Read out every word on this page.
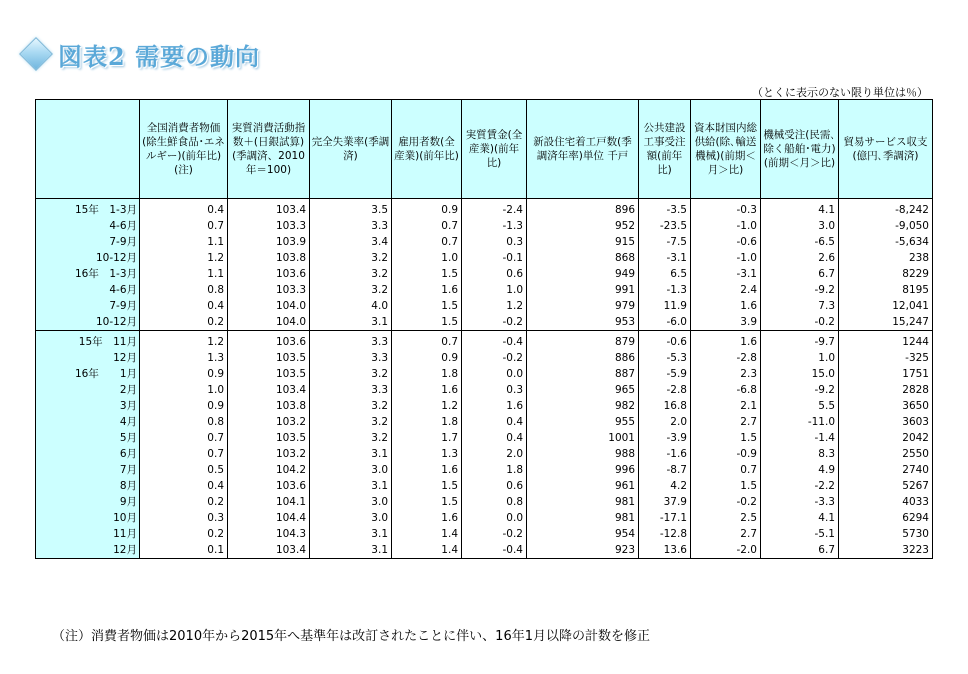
図表2 需要の動向
（とくに表示のない限り単位は％）
	全国消費者物価(除生鮮食品･エネルギー)(前年比)(注)	実質消費活動指数＋(日銀試算)(季調済、2010年＝100)	完全失業率(季調済)	雇用者数(全産業)(前年比)	実質賃金(全産業)(前年比)	新設住宅着工戸数(季調済年率)単位 千戸	公共建設工事受注額(前年比)	資本財国内総供給(除､輸送機械)(前期＜月＞比)	機械受注(民需､除く船舶･電力)(前期＜月＞比)	貿易サービス収支(億円､季調済)
15年　1-3月	0.4	103.4	3.5	0.9	-2.4	896	-3.5	-0.3	4.1	-8,242
4-6月	0.7	103.3	3.3	0.7	-1.3	952	-23.5	-1.0	3.0	-9,050
7-9月	1.1	103.9	3.4	0.7	0.3	915	-7.5	-0.6	-6.5	-5,634
10-12月	1.2	103.8	3.2	1.0	-0.1	868	-3.1	-1.0	2.6	238
16年　1-3月	1.1	103.6	3.2	1.5	0.6	949	6.5	-3.1	6.7	8229
4-6月	0.8	103.3	3.2	1.6	1.0	991	-1.3	2.4	-9.2	8195
7-9月	0.4	104.0	4.0	1.5	1.2	979	11.9	1.6	7.3	12,041
10-12月	0.2	104.0	3.1	1.5	-0.2	953	-6.0	3.9	-0.2	15,247
15年　11月	1.2	103.6	3.3	0.7	-0.4	879	-0.6	1.6	-9.7	1244
12月	1.3	103.5	3.3	0.9	-0.2	886	-5.3	-2.8	1.0	-325
16年　　1月	0.9	103.5	3.2	1.8	0.0	887	-5.9	2.3	15.0	1751
2月	1.0	103.4	3.3	1.6	0.3	965	-2.8	-6.8	-9.2	2828
3月	0.9	103.8	3.2	1.2	1.6	982	16.8	2.1	5.5	3650
4月	0.8	103.2	3.2	1.8	0.4	955	2.0	2.7	-11.0	3603
5月	0.7	103.5	3.2	1.7	0.4	1001	-3.9	1.5	-1.4	2042
6月	0.7	103.2	3.1	1.3	2.0	988	-1.6	-0.9	8.3	2550
7月	0.5	104.2	3.0	1.6	1.8	996	-8.7	0.7	4.9	2740
8月	0.4	103.6	3.1	1.5	0.6	961	4.2	1.5	-2.2	5267
9月	0.2	104.1	3.0	1.5	0.8	981	37.9	-0.2	-3.3	4033
10月	0.3	104.4	3.0	1.6	0.0	981	-17.1	2.5	4.1	6294
11月	0.2	104.3	3.1	1.4	-0.2	954	-12.8	2.7	-5.1	5730
12月	0.1	103.4	3.1	1.4	-0.4	923	13.6	-2.0	6.7	3223
（注）消費者物価は2010年から2015年へ基準年は改訂されたことに伴い、16年1月以降の計数を修正
